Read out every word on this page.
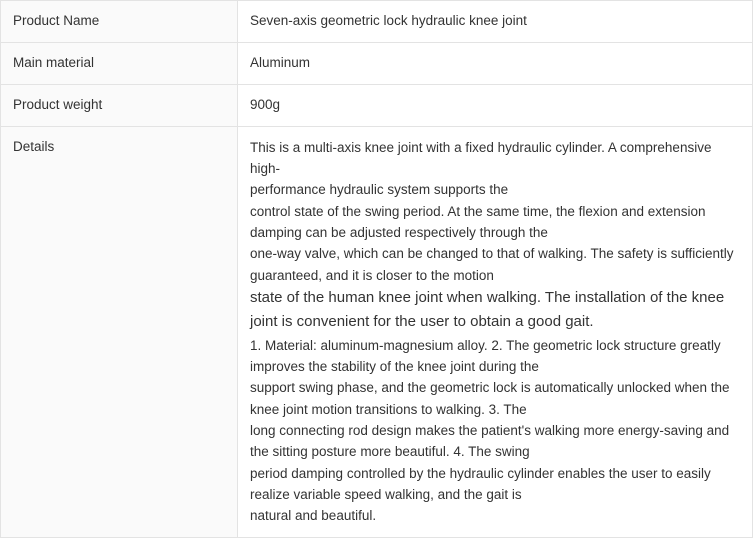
Product Name	Seven-axis geometric lock hydraulic knee joint
Main material	Aluminum
Product weight	900g
Details	This is a multi-axis knee joint with a fixed hydraulic cylinder. A comprehensive high-
performance hydraulic system supports the
control state of the swing period. At the same time, the flexion and extension damping can be adjusted respectively through the
one-way valve, which can be changed to that of walking. The safety is sufficiently guaranteed, and it is closer to the motion
state of the human knee joint when walking. The installation of the knee joint is convenient for the user to obtain a good gait.
1. Material: aluminum-magnesium alloy. 2. The geometric lock structure greatly improves the stability of the knee joint during the
support swing phase, and the geometric lock is automatically unlocked when the knee joint motion transitions to walking. 3. The
long connecting rod design makes the patient's walking more energy-saving and the sitting posture more beautiful. 4. The swing
period damping controlled by the hydraulic cylinder enables the user to easily realize variable speed walking, and the gait is
natural and beautiful.
